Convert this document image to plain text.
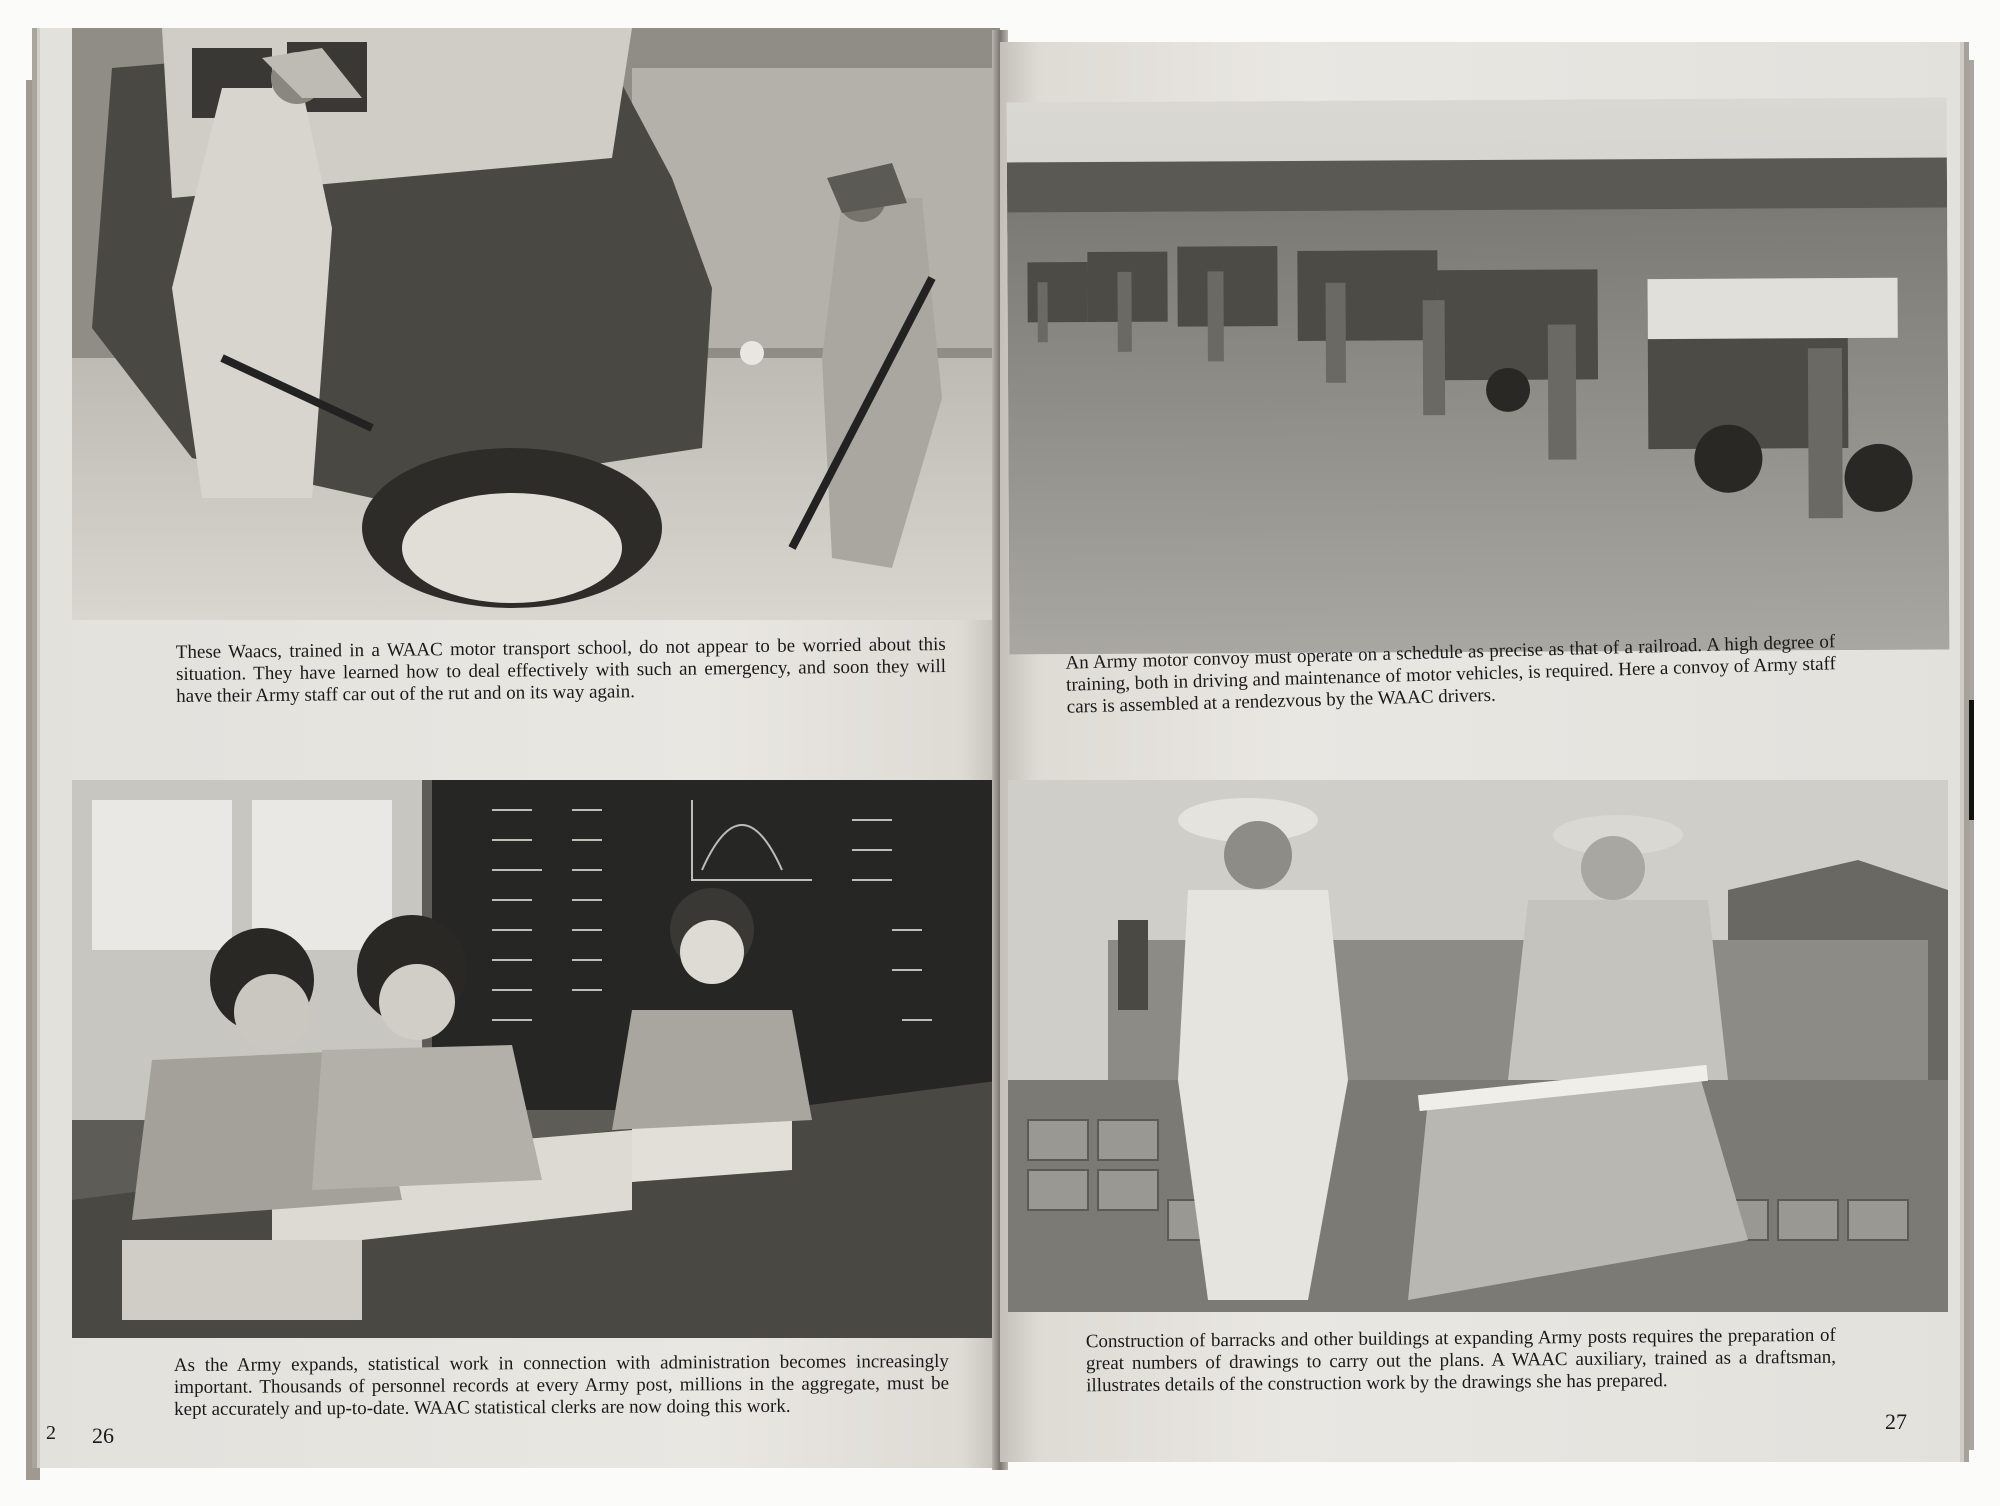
These Waacs, trained in a WAAC motor transport school, do not appear to be worried about this situation. They have learned how to deal effectively with such an emergency, and soon they will have their Army staff car out of the rut and on its way again.

As the Army expands, statistical work in connection with administration becomes increasingly important. Thousands of personnel records at every Army post, millions in the aggregate, must be kept accurately and up-to-date. WAAC statistical clerks are now doing this work.

26

2

An Army motor convoy must operate on a schedule as precise as that of a railroad. A high degree of training, both in driving and maintenance of motor vehicles, is required. Here a convoy of Army staff cars is assembled at a rendezvous by the WAAC drivers.

Construction of barracks and other buildings at expanding Army posts requires the preparation of great numbers of drawings to carry out the plans. A WAAC auxiliary, trained as a draftsman, illustrates details of the construction work by the drawings she has prepared.

27
